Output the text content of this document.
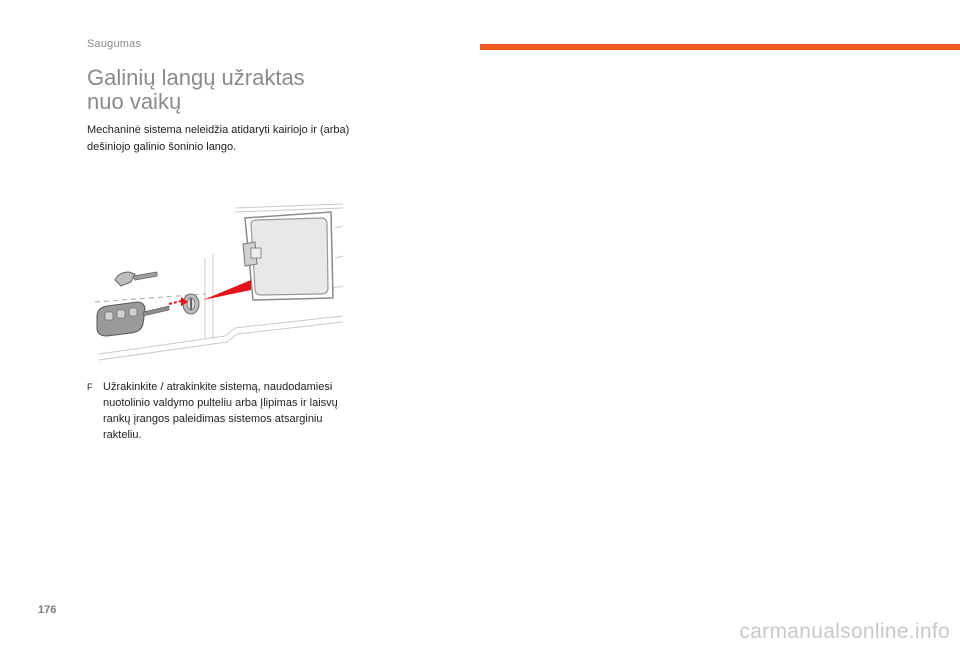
Saugumas
Galinių langų užraktas
nuo vaikų

Mechaninė sistema neleidžia atidaryti kairiojo ir (arba) dešiniojo galinio šoninio lango.

F Užrakinkite / atrakinkite sistemą, naudodamiesi nuotolinio valdymo pulteliu arba Įlipimas ir laisvų rankų įrangos paleidimas sistemos atsarginiu rakteliu.
176
carmanualsonline.info
